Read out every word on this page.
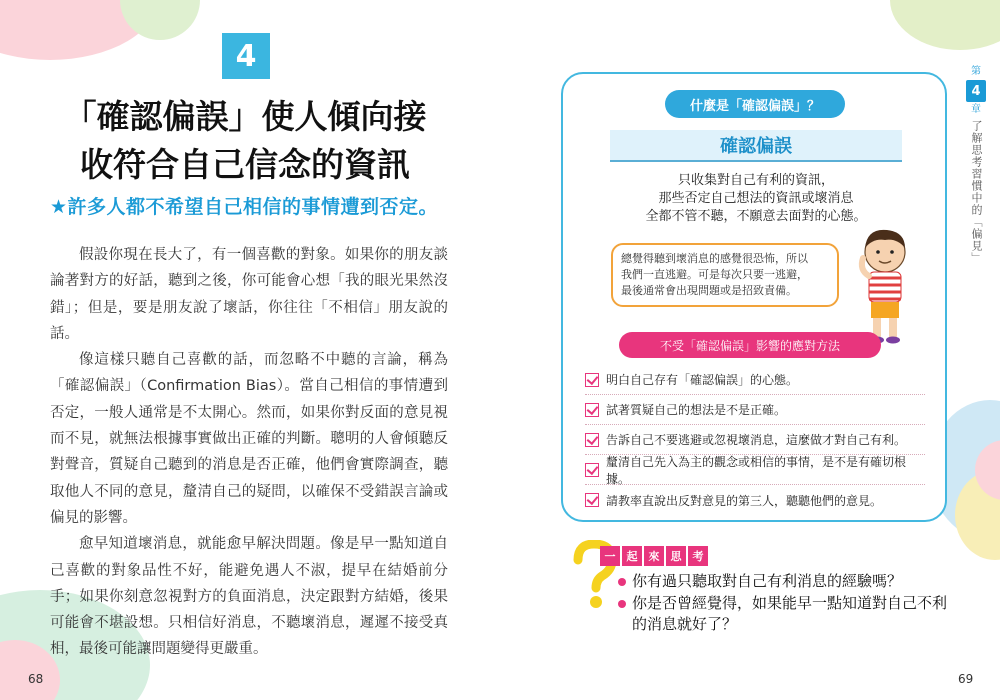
4
「確認偏誤」使人傾向接
收符合自己信念的資訊
★許多人都不希望自己相信的事情遭到否定。

假設你現在長大了，有一個喜歡的對象。如果你的朋友談論著對方的好話，聽到之後，你可能會心想「我的眼光果然沒錯」；但是，要是朋友說了壞話，你往往「不相信」朋友說的話。

像這樣只聽自己喜歡的話，而忽略不中聽的言論，稱為「確認偏誤」（Confirmation Bias）。當自己相信的事情遭到否定，一般人通常是不太開心。然而，如果你對反面的意見視而不見，就無法根據事實做出正確的判斷。聰明的人會傾聽反對聲音，質疑自己聽到的消息是否正確，他們會實際調查，聽取他人不同的意見，釐清自己的疑問，以確保不受錯誤言論或偏見的影響。

愈早知道壞消息，就能愈早解決問題。像是早一點知道自己喜歡的對象品性不好，能避免遇人不淑，提早在結婚前分手；如果你刻意忽視對方的負面消息，決定跟對方結婚，後果可能會不堪設想。只相信好消息，不聽壞消息，遲遲不接受真相，最後可能讓問題變得更嚴重。

68
什麼是「確認偏誤」？
確認偏誤
只收集對自己有利的資訊，
那些否定自己想法的資訊或壞消息
全都不管不聽，不願意去面對的心態。
總覺得聽到壞消息的感覺很恐怖，所以
我們一直逃避。可是每次只要一逃避，
最後通常會出現問題或是招致責備。
不受「確認偏誤」影響的應對方法
明白自己存有「確認偏誤」的心態。
試著質疑自己的想法是不是正確。
告訴自己不要逃避或忽視壞消息，這麼做才對自己有利。
釐清自己先入為主的觀念或相信的事情，是不是有確切根據。
請教率直說出反對意見的第三人，聽聽他們的意見。
一	起	來	思	考
你有過只聽取對自己有利消息的經驗嗎？
你是否曾經覺得，如果能早一點知道對自己不利的消息就好了？
第
4
章
了解思考習慣中的「偏見」
69
